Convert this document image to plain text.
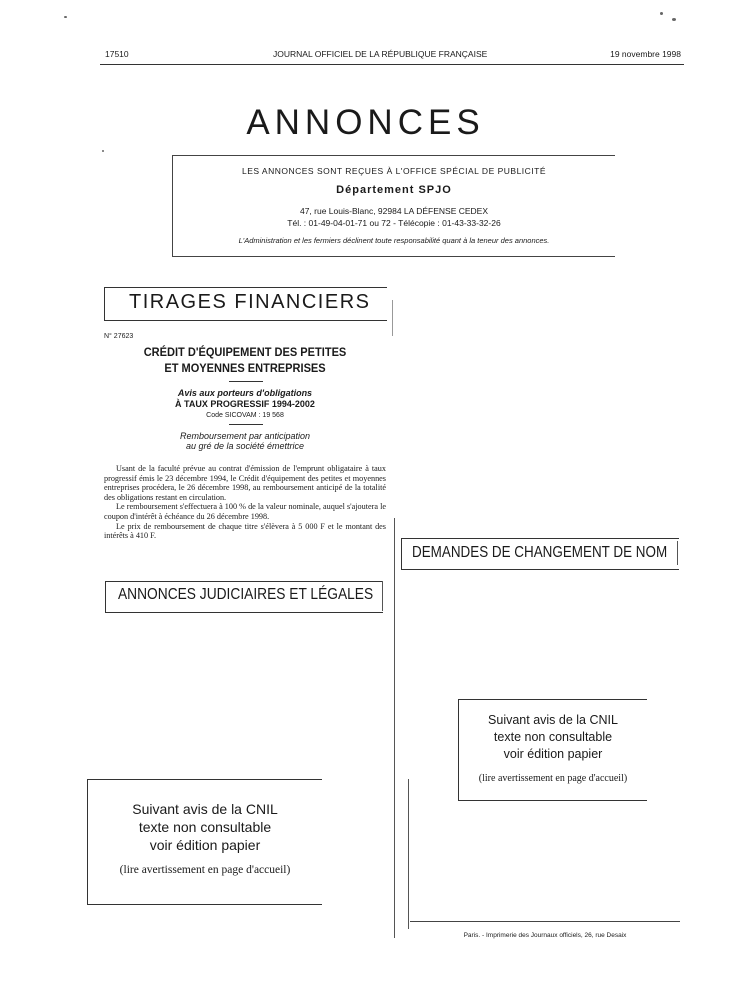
17510	JOURNAL OFFICIEL DE LA RÉPUBLIQUE FRANÇAISE	19 novembre 1998
ANNONCES
LES ANNONCES SONT REÇUES À L'OFFICE SPÉCIAL DE PUBLICITÉ
Département SPJO
47, rue Louis-Blanc, 92984 LA DÉFENSE CEDEX
Tél. : 01-49-04-01-71 ou 72 - Télécopie : 01-43-33-32-26
L'Administration et les fermiers déclinent toute responsabilité quant à la teneur des annonces.
TIRAGES FINANCIERS
N° 27623
CRÉDIT D'ÉQUIPEMENT DES PETITES
ET MOYENNES ENTREPRISES
Avis aux porteurs d'obligations
À TAUX PROGRESSIF 1994-2002
Code SICOVAM : 19 568
Remboursement par anticipation
au gré de la société émettrice

Usant de la faculté prévue au contrat d'émission de l'emprunt obligataire à taux progressif émis le 23 décembre 1994, le Crédit d'équipement des petites et moyennes entreprises procédera, le 26 décembre 1998, au remboursement anticipé de la totalité des obligations restant en circulation.

Le remboursement s'effectuera à 100 % de la valeur nominale, auquel s'ajoutera le coupon d'intérêt à échéance du 26 décembre 1998.

Le prix de remboursement de chaque titre s'élèvera à 5 000 F et le montant des intérêts à 410 F.

ANNONCES JUDICIAIRES ET LÉGALES
DEMANDES DE CHANGEMENT DE NOM
Suivant avis de la CNIL
texte non consultable
voir édition papier
(lire avertissement en page d'accueil)
Suivant avis de la CNIL
texte non consultable
voir édition papier
(lire avertissement en page d'accueil)
Paris. - Imprimerie des Journaux officiels, 26, rue Desaix
